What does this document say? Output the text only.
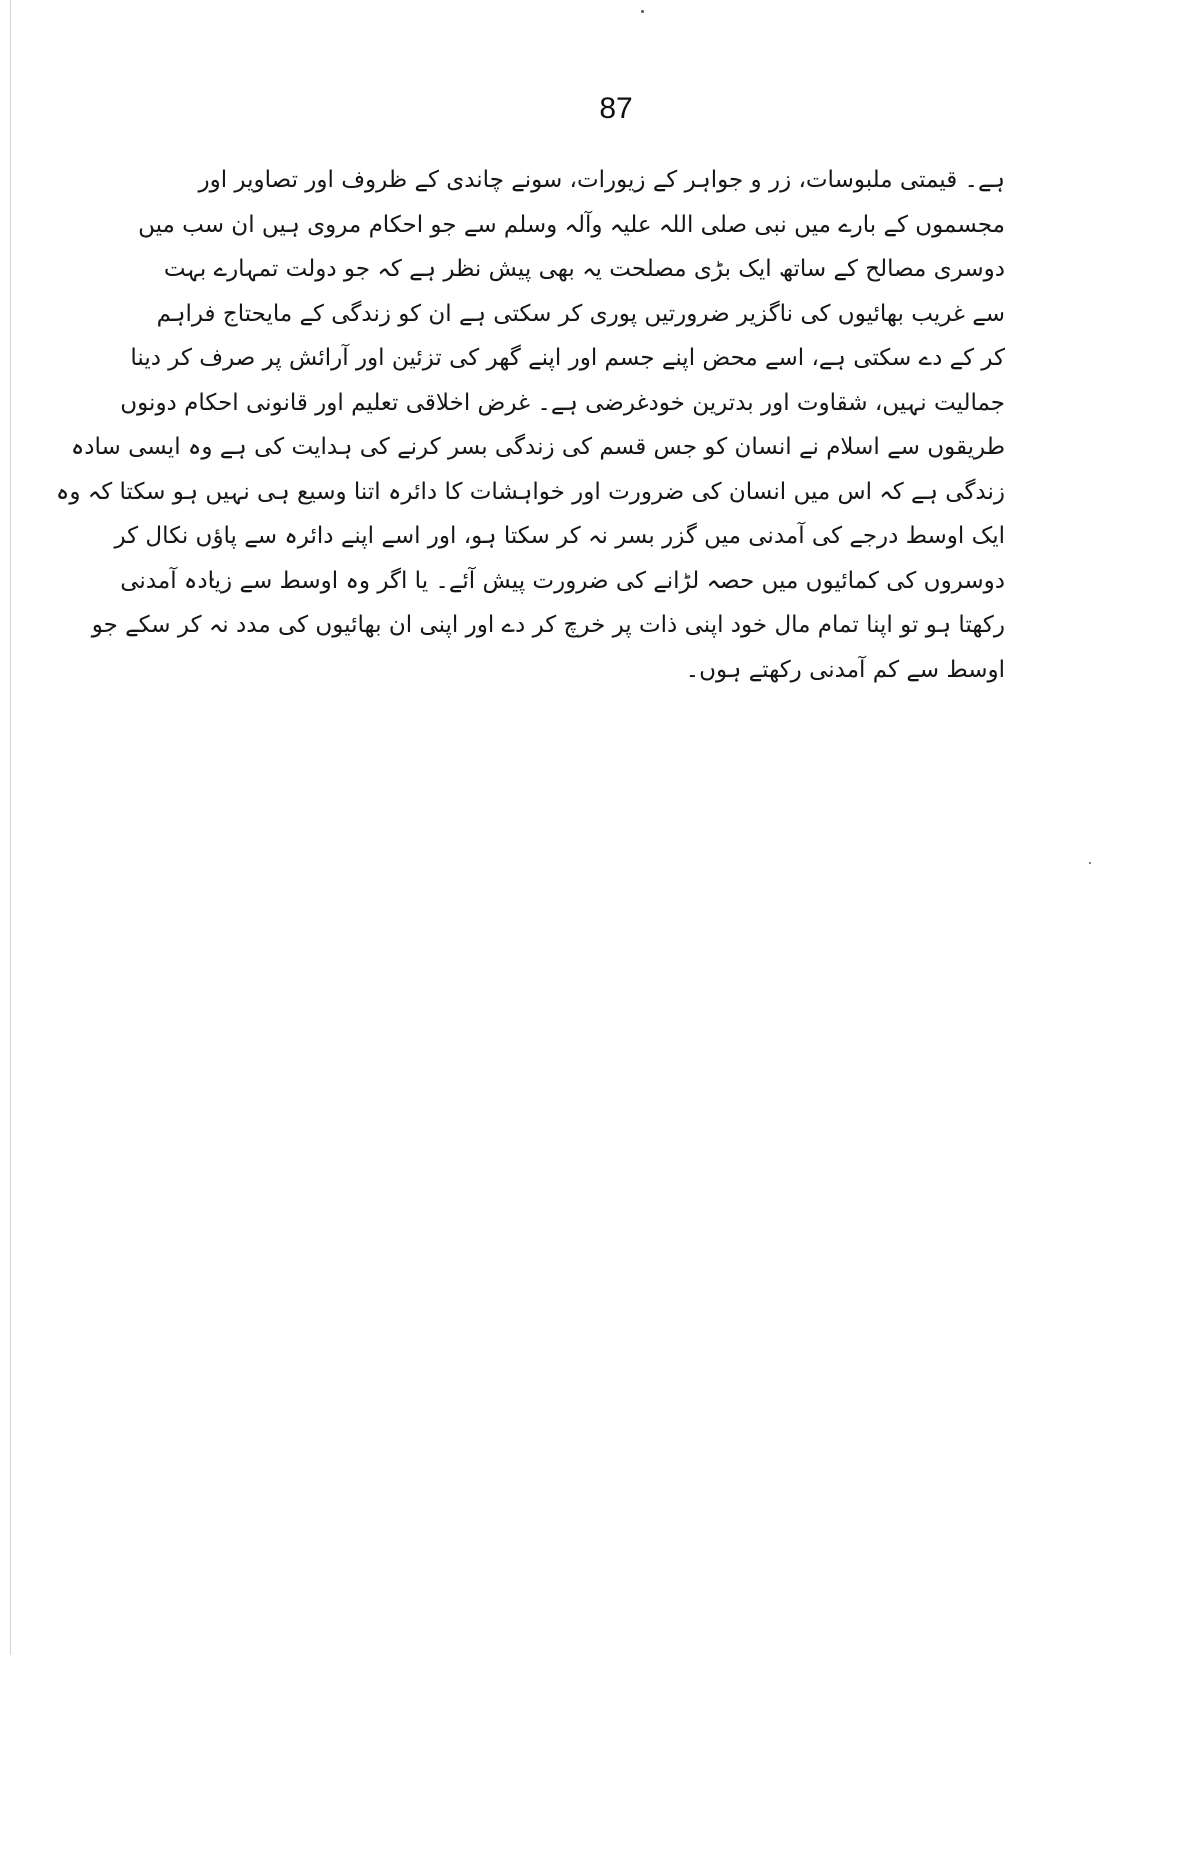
87
ہے۔ قیمتی ملبوسات، زر و جواہر کے زیورات، سونے چاندی کے ظروف اور تصاویر اور
مجسموں کے بارے میں نبی صلی اللہ علیہ وآلہ وسلم سے جو احکام مروی ہیں ان سب میں
دوسری مصالح کے ساتھ ایک بڑی مصلحت یہ بھی پیش نظر ہے کہ جو دولت تمہارے بہت
سے غریب بھائیوں کی ناگزیر ضرورتیں پوری کر سکتی ہے ان کو زندگی کے مایحتاج فراہم
کر کے دے سکتی ہے، اسے محض اپنے جسم اور اپنے گھر کی تزئین اور آرائش پر صرف کر دینا
جمالیت نہیں، شقاوت اور بدترین خودغرضی ہے۔ غرض اخلاقی تعلیم اور قانونی احکام دونوں
طریقوں سے اسلام نے انسان کو جس قسم کی زندگی بسر کرنے کی ہدایت کی ہے وہ ایسی سادہ
زندگی ہے کہ اس میں انسان کی ضرورت اور خواہشات کا دائرہ اتنا وسیع ہی نہیں ہو سکتا کہ وہ
ایک اوسط درجے کی آمدنی میں گزر بسر نہ کر سکتا ہو، اور اسے اپنے دائرہ سے پاؤں نکال کر
دوسروں کی کمائیوں میں حصہ لڑانے کی ضرورت پیش آئے۔ یا اگر وہ اوسط سے زیادہ آمدنی
رکھتا ہو تو اپنا تمام مال خود اپنی ذات پر خرچ کر دے اور اپنی ان بھائیوں کی مدد نہ کر سکے جو
اوسط سے کم آمدنی رکھتے ہوں۔
